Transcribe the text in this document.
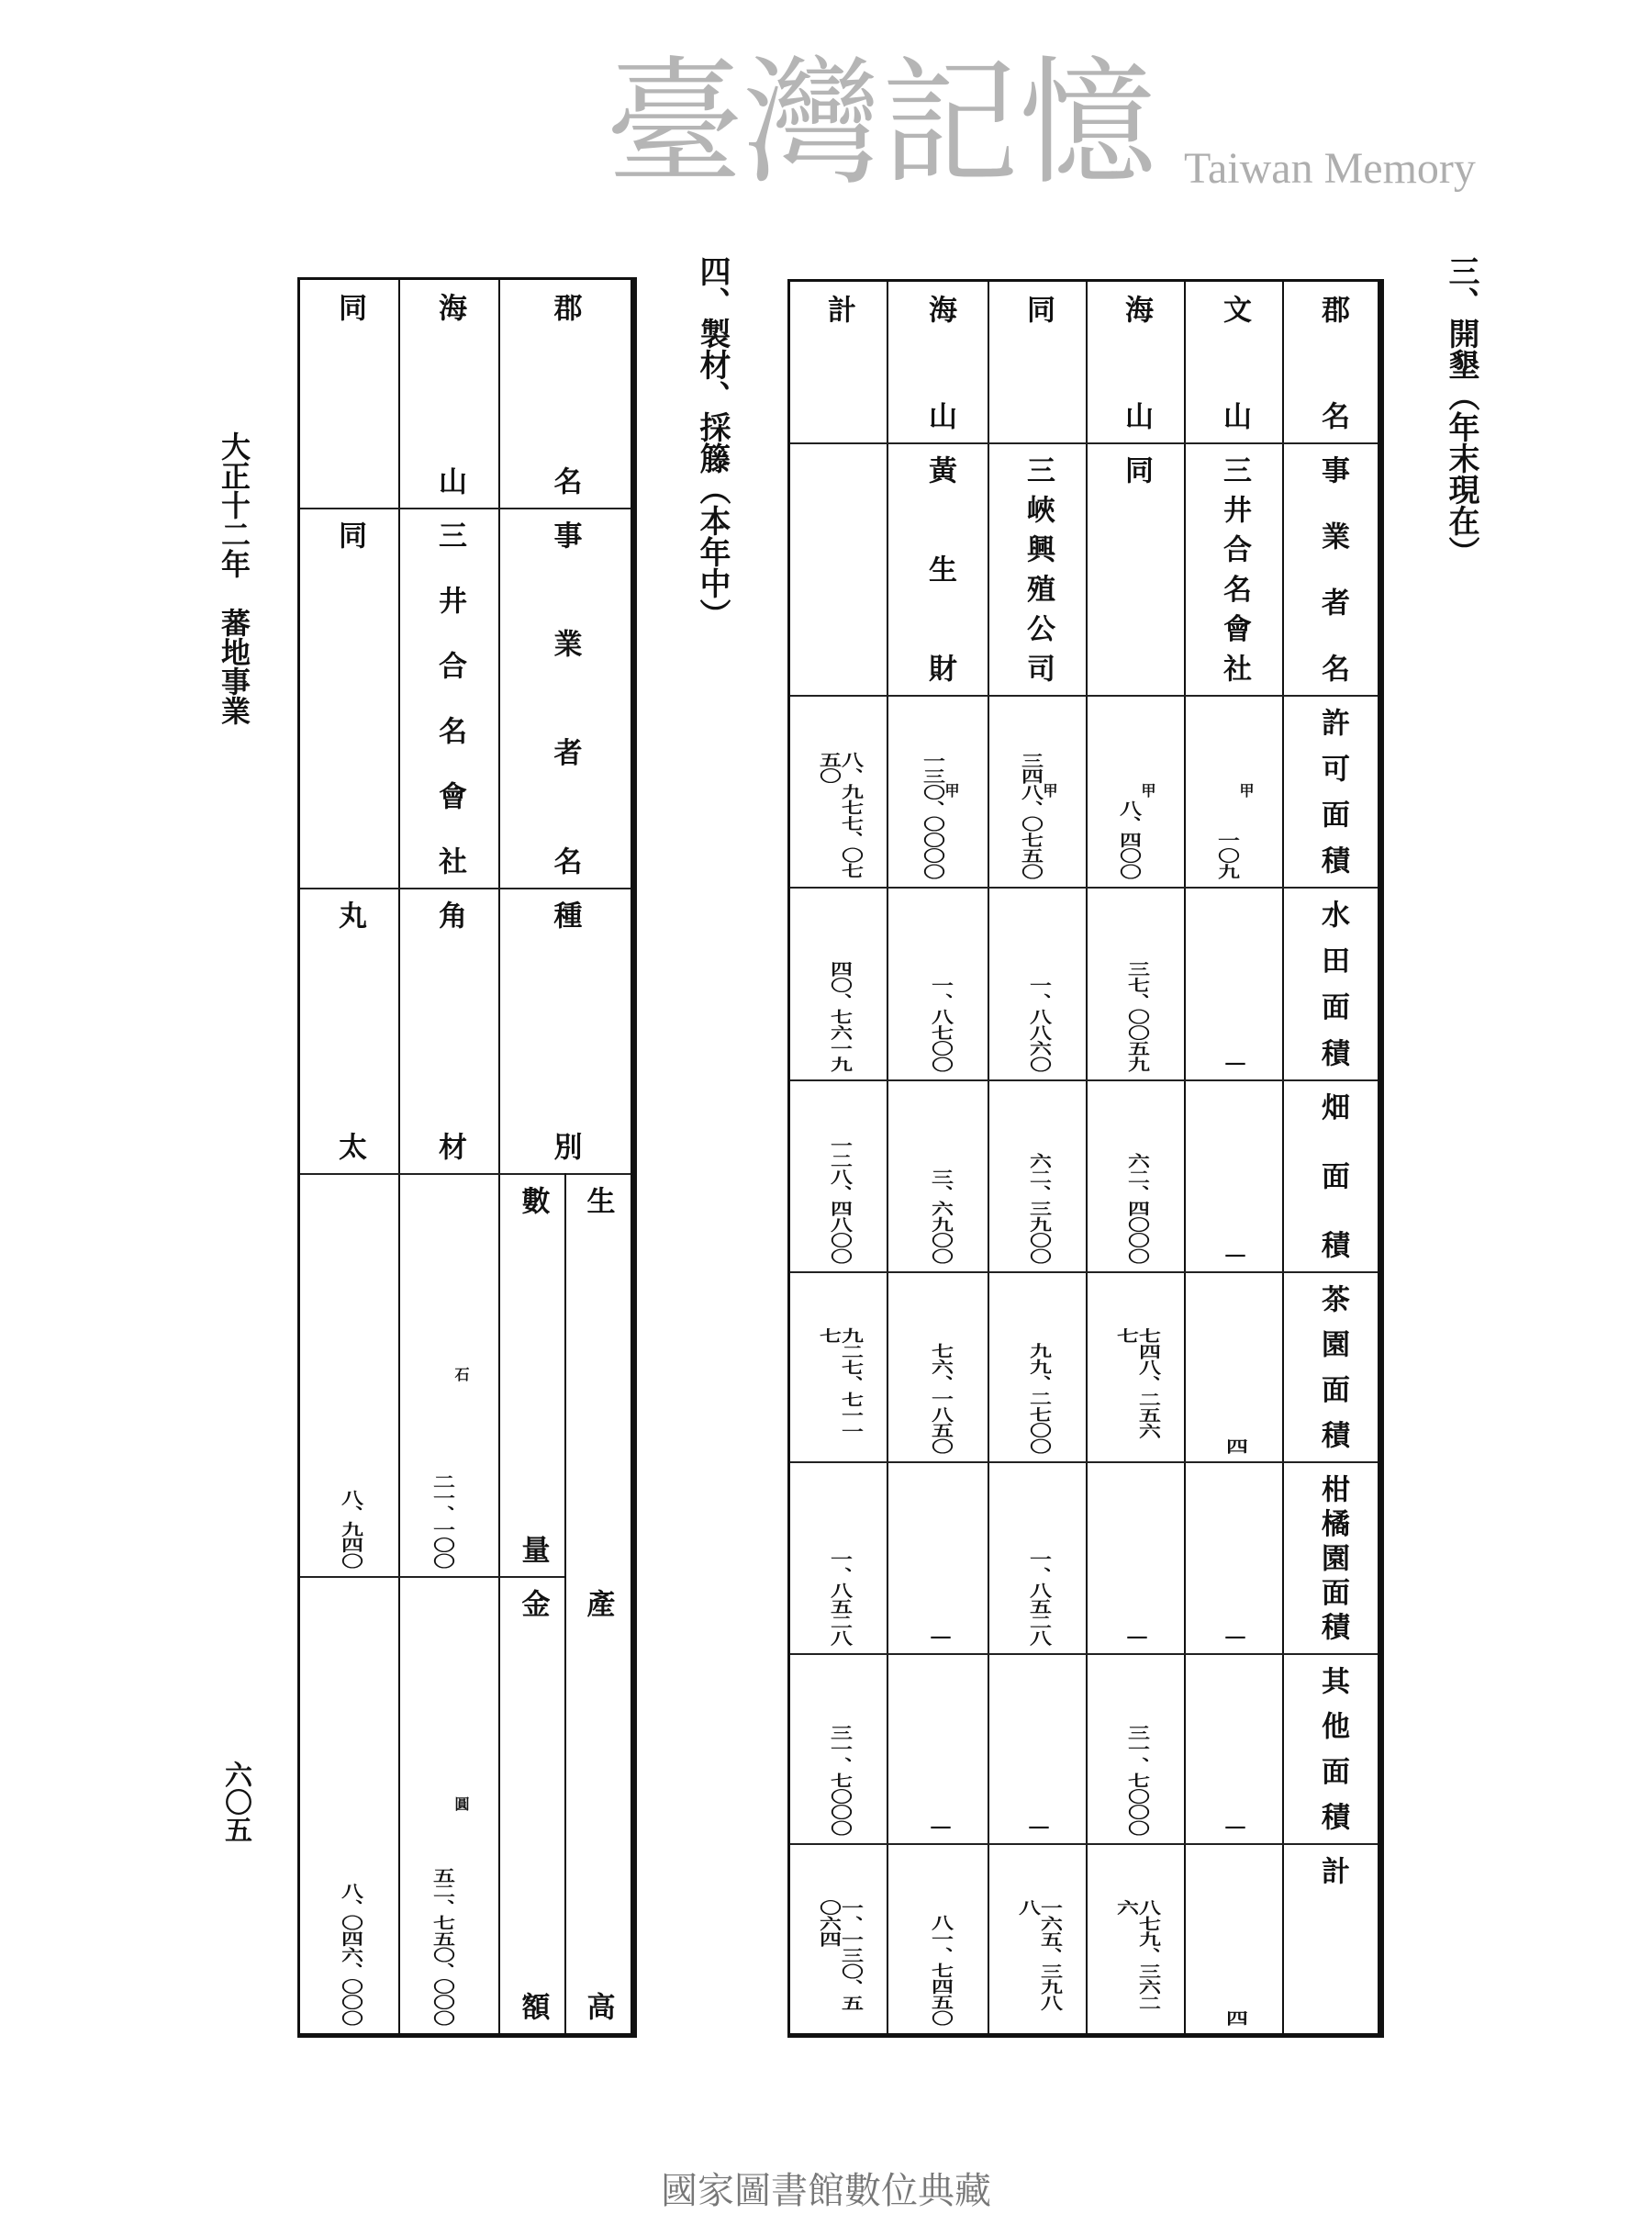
三、開墾（年末現在）
郡名
事業者名
許可面積
水田面積
畑面積
茶園面積
柑橘園面積
其他面積
計
文山
三井合名會社
一〇九
甲
—
—
四
—
—
四
海山
同
八、四〇〇
甲
三七、〇〇五九
六二、四〇〇〇
七四八、二五六七
—
三一、七〇〇〇
八七九、三六二六
同
三峽興殖公司
三四八、〇七五〇 甲
一、八八六〇
六二、三九〇〇
九九、二七〇〇
一、八五二八
—
一六五、三九八八
海山
黃生財
一三〇、〇〇〇〇 甲
一、八七〇〇
三、六九〇〇
七六、一八五〇
—
—
八一、七四五〇
計
八、九七七、〇七五〇
四〇、七六一九
一二八、四八〇〇
九二七、七一一七
一、八五二八
三一、七〇〇〇
一、一三〇、五〇六四
四、製材、採籐（本年中）
郡名
事業者名
種別
生產高
數量
金額
海山
三井合名會社
角材
二一、一〇〇
石
五二、七五〇、〇〇〇
圓
同
同
丸太
八、九四〇
八、〇四六、〇〇〇
大正十二年　蕃地事業
六〇五
臺灣記憶 Taiwan Memory
國家圖書館數位典藏
